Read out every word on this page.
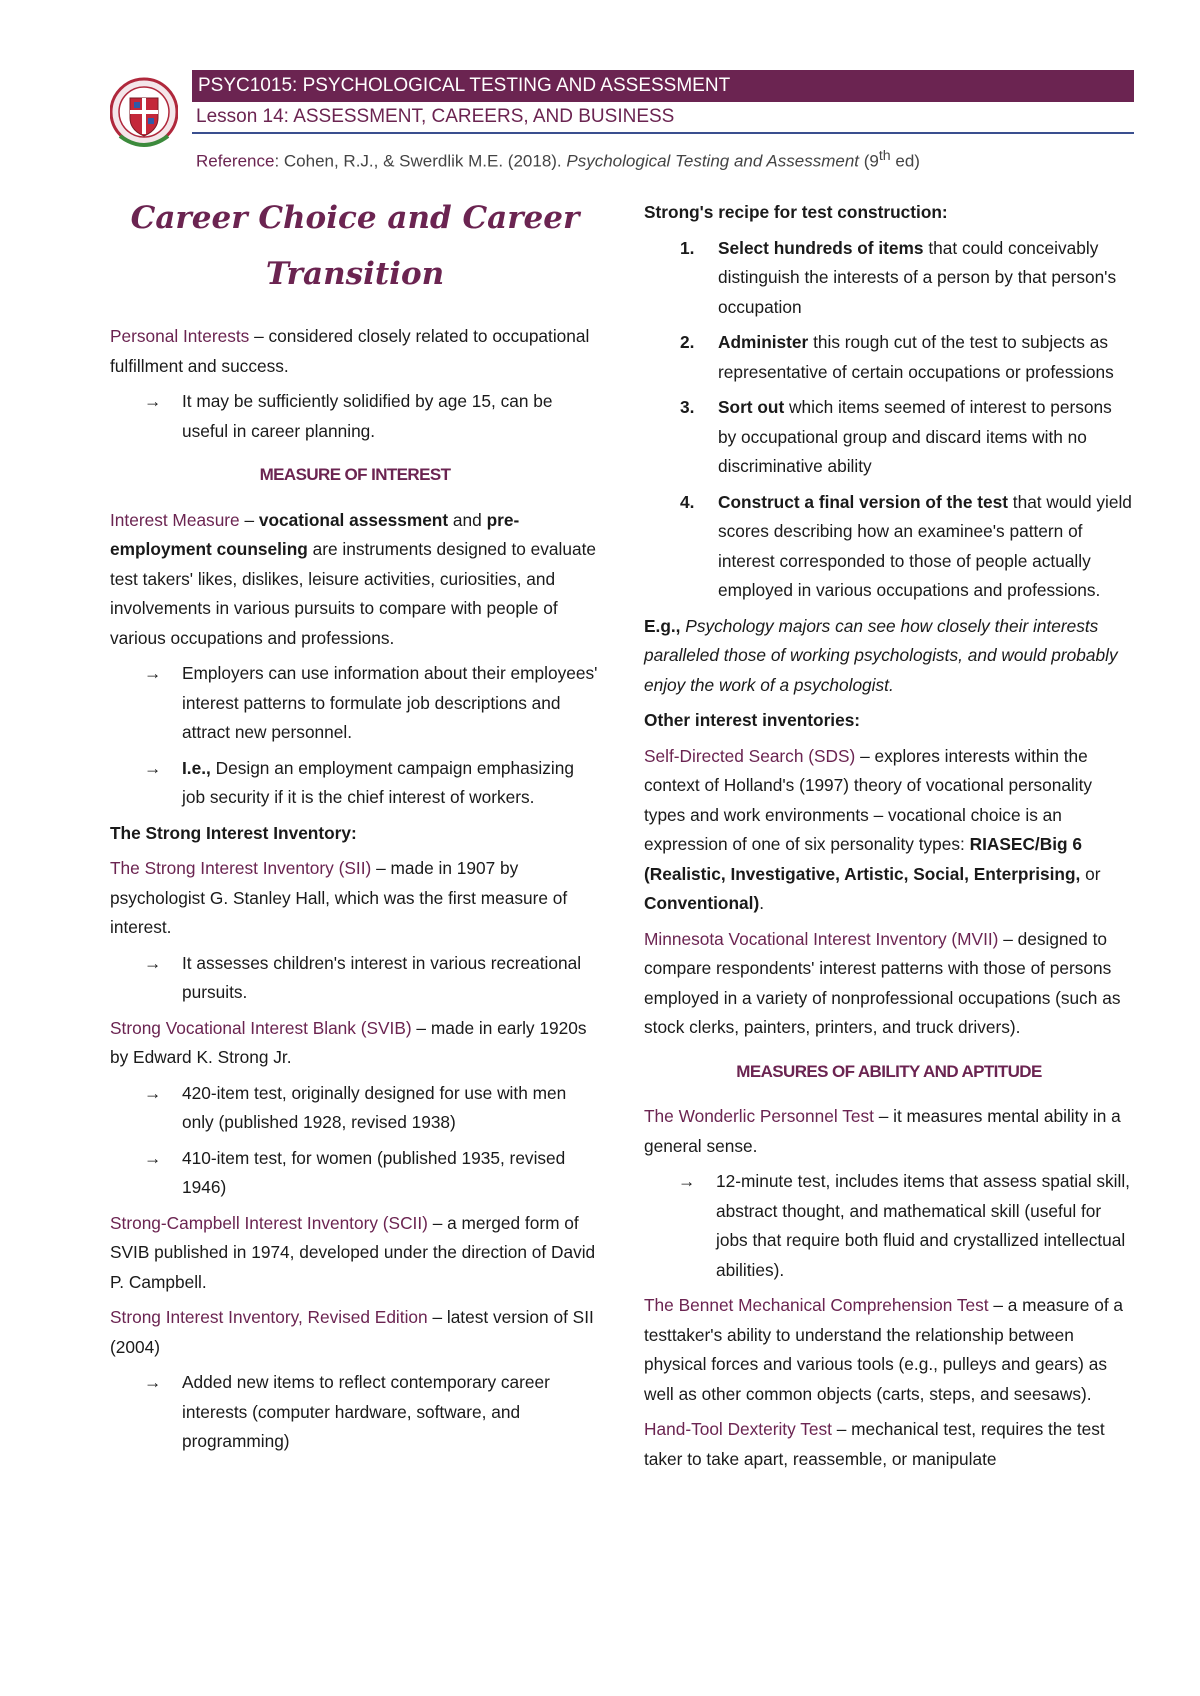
PSYC1015: PSYCHOLOGICAL TESTING AND ASSESSMENT
Lesson 14: ASSESSMENT, CAREERS, AND BUSINESS
Reference: Cohen, R.J., & Swerdlik M.E. (2018). Psychological Testing and Assessment (9th ed)
Career Choice and Career Transition

Personal Interests – considered closely related to occupational fulfillment and success.

→ It may be sufficiently solidified by age 15, can be useful in career planning.
MEASURE OF INTEREST

Interest Measure – vocational assessment and pre-employment counseling are instruments designed to evaluate test takers' likes, dislikes, leisure activities, curiosities, and involvements in various pursuits to compare with people of various occupations and professions.

→ Employers can use information about their employees' interest patterns to formulate job descriptions and attract new personnel.
→ I.e., Design an employment campaign emphasizing job security if it is the chief interest of workers.

The Strong Interest Inventory:

The Strong Interest Inventory (SII) – made in 1907 by psychologist G. Stanley Hall, which was the first measure of interest.

→ It assesses children's interest in various recreational pursuits.

Strong Vocational Interest Blank (SVIB) – made in early 1920s by Edward K. Strong Jr.

→ 420-item test, originally designed for use with men only (published 1928, revised 1938)
→ 410-item test, for women (published 1935, revised 1946)

Strong-Campbell Interest Inventory (SCII) – a merged form of SVIB published in 1974, developed under the direction of David P. Campbell.

Strong Interest Inventory, Revised Edition – latest version of SII (2004)

→ Added new items to reflect contemporary career interests (computer hardware, software, and programming)

Strong's recipe for test construction:

1. Select hundreds of items that could conceivably distinguish the interests of a person by that person's occupation
2. Administer this rough cut of the test to subjects as representative of certain occupations or professions
3. Sort out which items seemed of interest to persons by occupational group and discard items with no discriminative ability
4. Construct a final version of the test that would yield scores describing how an examinee's pattern of interest corresponded to those of people actually employed in various occupations and professions.

E.g., Psychology majors can see how closely their interests paralleled those of working psychologists, and would probably enjoy the work of a psychologist.

Other interest inventories:

Self-Directed Search (SDS) – explores interests within the context of Holland's (1997) theory of vocational personality types and work environments – vocational choice is an expression of one of six personality types: RIASEC/Big 6 (Realistic, Investigative, Artistic, Social, Enterprising, or Conventional).

Minnesota Vocational Interest Inventory (MVII) – designed to compare respondents' interest patterns with those of persons employed in a variety of nonprofessional occupations (such as stock clerks, painters, printers, and truck drivers).

MEASURES OF ABILITY AND APTITUDE

The Wonderlic Personnel Test – it measures mental ability in a general sense.

→ 12-minute test, includes items that assess spatial skill, abstract thought, and mathematical skill (useful for jobs that require both fluid and crystallized intellectual abilities).

The Bennet Mechanical Comprehension Test – a measure of a testtaker's ability to understand the relationship between physical forces and various tools (e.g., pulleys and gears) as well as other common objects (carts, steps, and seesaws).

Hand-Tool Dexterity Test – mechanical test, requires the test taker to take apart, reassemble, or manipulate
